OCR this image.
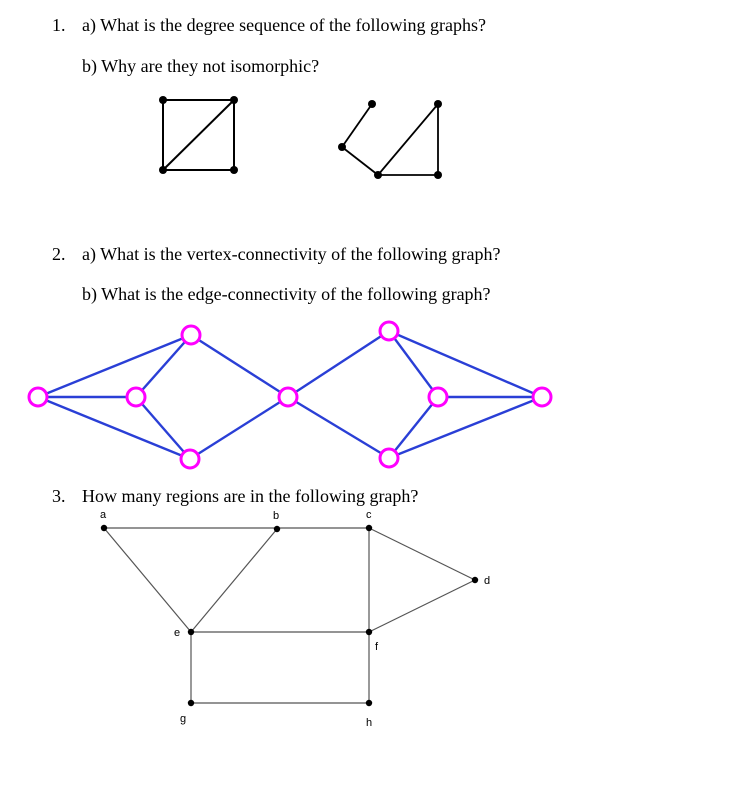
1. a) What is the degree sequence of the following graphs?
b) Why are they not isomorphic?
2. a) What is the vertex-connectivity of the following graph?
b) What is the edge-connectivity of the following graph?
3. How many regions are in the following graph?
a	b	c
d
e
f
g	h
